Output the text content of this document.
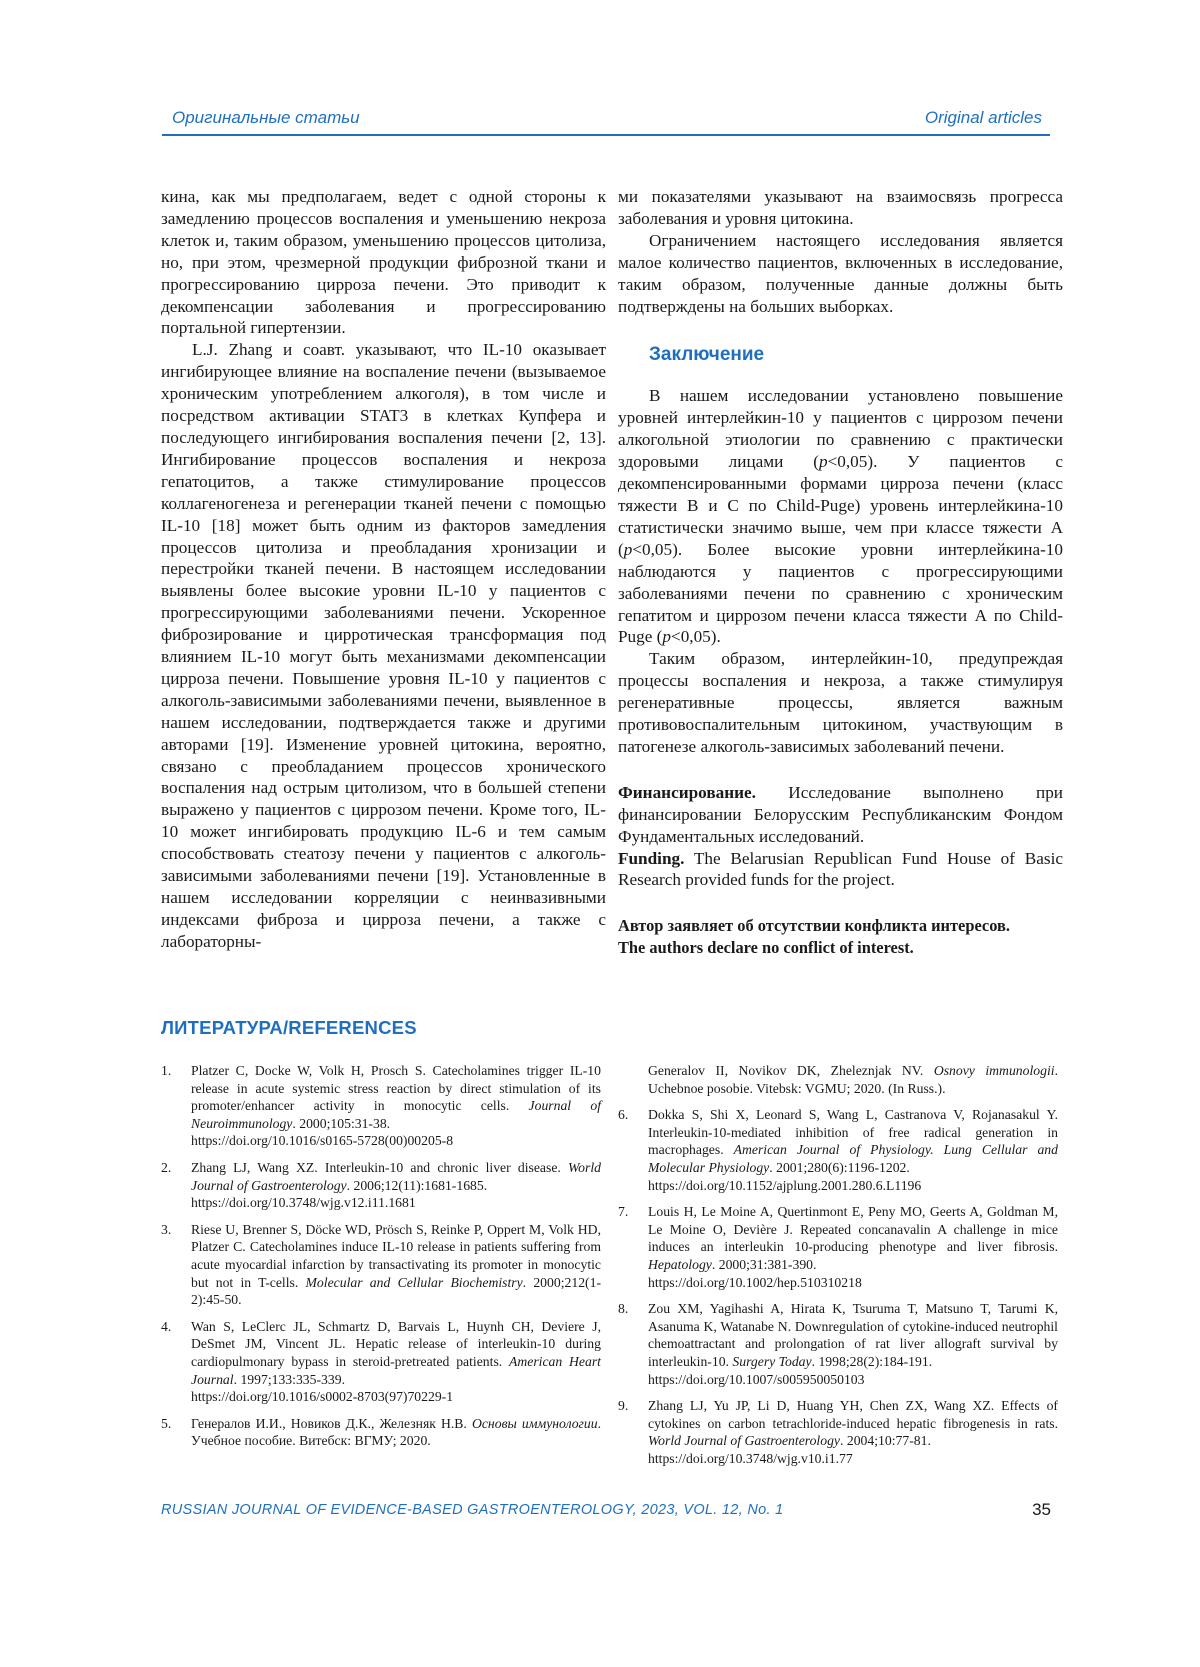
Оригинальные статьи	Original articles

кина, как мы предполагаем, ведет с одной стороны к замедлению процессов воспаления и уменьшению некроза клеток и, таким образом, уменьшению процессов цитолиза, но, при этом, чрезмерной продукции фиброзной ткани и прогрессированию цирроза печени. Это приводит к декомпенсации заболевания и прогрессированию портальной гипертензии.

L.J. Zhang и соавт. указывают, что IL-10 оказывает ингибирующее влияние на воспаление печени (вызываемое хроническим употреблением алкоголя), в том числе и посредством активации STAT3 в клетках Купфера и последующего ингибирования воспаления печени [2, 13]. Ингибирование процессов воспаления и некроза гепатоцитов, а также стимулирование процессов коллагеногенеза и регенерации тканей печени с помощью IL-10 [18] может быть одним из факторов замедления процессов цитолиза и преобладания хронизации и перестройки тканей печени. В настоящем исследовании выявлены более высокие уровни IL-10 у пациентов с прогрессирующими заболеваниями печени. Ускоренное фиброзирование и цирротическая трансформация под влиянием IL-10 могут быть механизмами декомпенсации цирроза печени. Повышение уровня IL-10 у пациентов с алкоголь-зависимыми заболеваниями печени, выявленное в нашем исследовании, подтверждается также и другими авторами [19]. Изменение уровней цитокина, вероятно, связано с преобладанием процессов хронического воспаления над острым цитолизом, что в большей степени выражено у пациентов с циррозом печени. Кроме того, IL-10 может ингибировать продукцию IL-6 и тем самым способствовать стеатозу печени у пациентов с алкоголь-зависимыми заболеваниями печени [19]. Установленные в нашем исследовании корреляции с неинвазивными индексами фиброза и цирроза печени, а также с лабораторны-

ми показателями указывают на взаимосвязь прогресса заболевания и уровня цитокина.

Ограничением настоящего исследования является малое количество пациентов, включенных в исследование, таким образом, полученные данные должны быть подтверждены на больших выборках.

Заключение

В нашем исследовании установлено повышение уровней интерлейкин-10 у пациентов с циррозом печени алкогольной этиологии по сравнению с практически здоровыми лицами (p<0,05). У пациентов с декомпенсированными формами цирроза печени (класс тяжести B и C по Child-Puge) уровень интерлейкина-10 статистически значимо выше, чем при классе тяжести A (p<0,05). Более высокие уровни интерлейкина-10 наблюдаются у пациентов с прогрессирующими заболеваниями печени по сравнению с хроническим гепатитом и циррозом печени класса тяжести A по Child-Puge (p<0,05).

Таким образом, интерлейкин-10, предупреждая процессы воспаления и некроза, а также стимулируя регенеративные процессы, является важным противовоспалительным цитокином, участвующим в патогенезе алкоголь-зависимых заболеваний печени.

Финансирование. Исследование выполнено при финансировании Белорусским Республиканским Фондом Фундаментальных исследований.

Funding. The Belarusian Republican Fund House of Basic Research provided funds for the project.

Автор заявляет об отсутствии конфликта интересов.

The authors declare no conflict of interest.

ЛИТЕРАТУРА/REFERENCES
1. Platzer C, Docke W, Volk H, Prosch S. Catecholamines trigger IL-10 release in acute systemic stress reaction by direct stimulation of its promoter/enhancer activity in monocytic cells. Journal of Neuroimmunology. 2000;105:31-38.
https://doi.org/10.1016/s0165-5728(00)00205-8
2. Zhang LJ, Wang XZ. Interleukin-10 and chronic liver disease. World Journal of Gastroenterology. 2006;12(11):1681-1685.
https://doi.org/10.3748/wjg.v12.i11.1681
3. Riese U, Brenner S, Döcke WD, Prösch S, Reinke P, Oppert M, Volk HD, Platzer C. Catecholamines induce IL-10 release in patients suffering from acute myocardial infarction by transactivating its promoter in monocytic but not in T-cells. Molecular and Cellular Biochemistry. 2000;212(1-2):45-50.
4. Wan S, LeClerc JL, Schmartz D, Barvais L, Huynh CH, Deviere J, DeSmet JM, Vincent JL. Hepatic release of interleukin-10 during cardiopulmonary bypass in steroid-pretreated patients. American Heart Journal. 1997;133:335-339.
https://doi.org/10.1016/s0002-8703(97)70229-1
5. Генералов И.И., Новиков Д.К., Железняк Н.В. Основы иммунологии. Учебное пособие. Витебск: ВГМУ; 2020.
Generalov II, Novikov DK, Zheleznjak NV. Osnovy immunologii. Uchebnoe posobie. Vitebsk: VGMU; 2020. (In Russ.).
6. Dokka S, Shi X, Leonard S, Wang L, Castranova V, Rojanasakul Y. Interleukin-10-mediated inhibition of free radical generation in macrophages. American Journal of Physiology. Lung Cellular and Molecular Physiology. 2001;280(6):1196-1202.
https://doi.org/10.1152/ajplung.2001.280.6.L1196
7. Louis H, Le Moine A, Quertinmont E, Peny MO, Geerts A, Goldman M, Le Moine O, Devière J. Repeated concanavalin A challenge in mice induces an interleukin 10-producing phenotype and liver fibrosis. Hepatology. 2000;31:381-390.
https://doi.org/10.1002/hep.510310218
8. Zou XM, Yagihashi A, Hirata K, Tsuruma T, Matsuno T, Tarumi K, Asanuma K, Watanabe N. Downregulation of cytokine-induced neutrophil chemoattractant and prolongation of rat liver allograft survival by interleukin-10. Surgery Today. 1998;28(2):184-191.
https://doi.org/10.1007/s005950050103
9. Zhang LJ, Yu JP, Li D, Huang YH, Chen ZX, Wang XZ. Effects of cytokines on carbon tetrachloride-induced hepatic fibrogenesis in rats. World Journal of Gastroenterology. 2004;10:77-81.
https://doi.org/10.3748/wjg.v10.i1.77
RUSSIAN JOURNAL OF EVIDENCE-BASED GASTROENTEROLOGY, 2023, VOL. 12, No. 1	35
